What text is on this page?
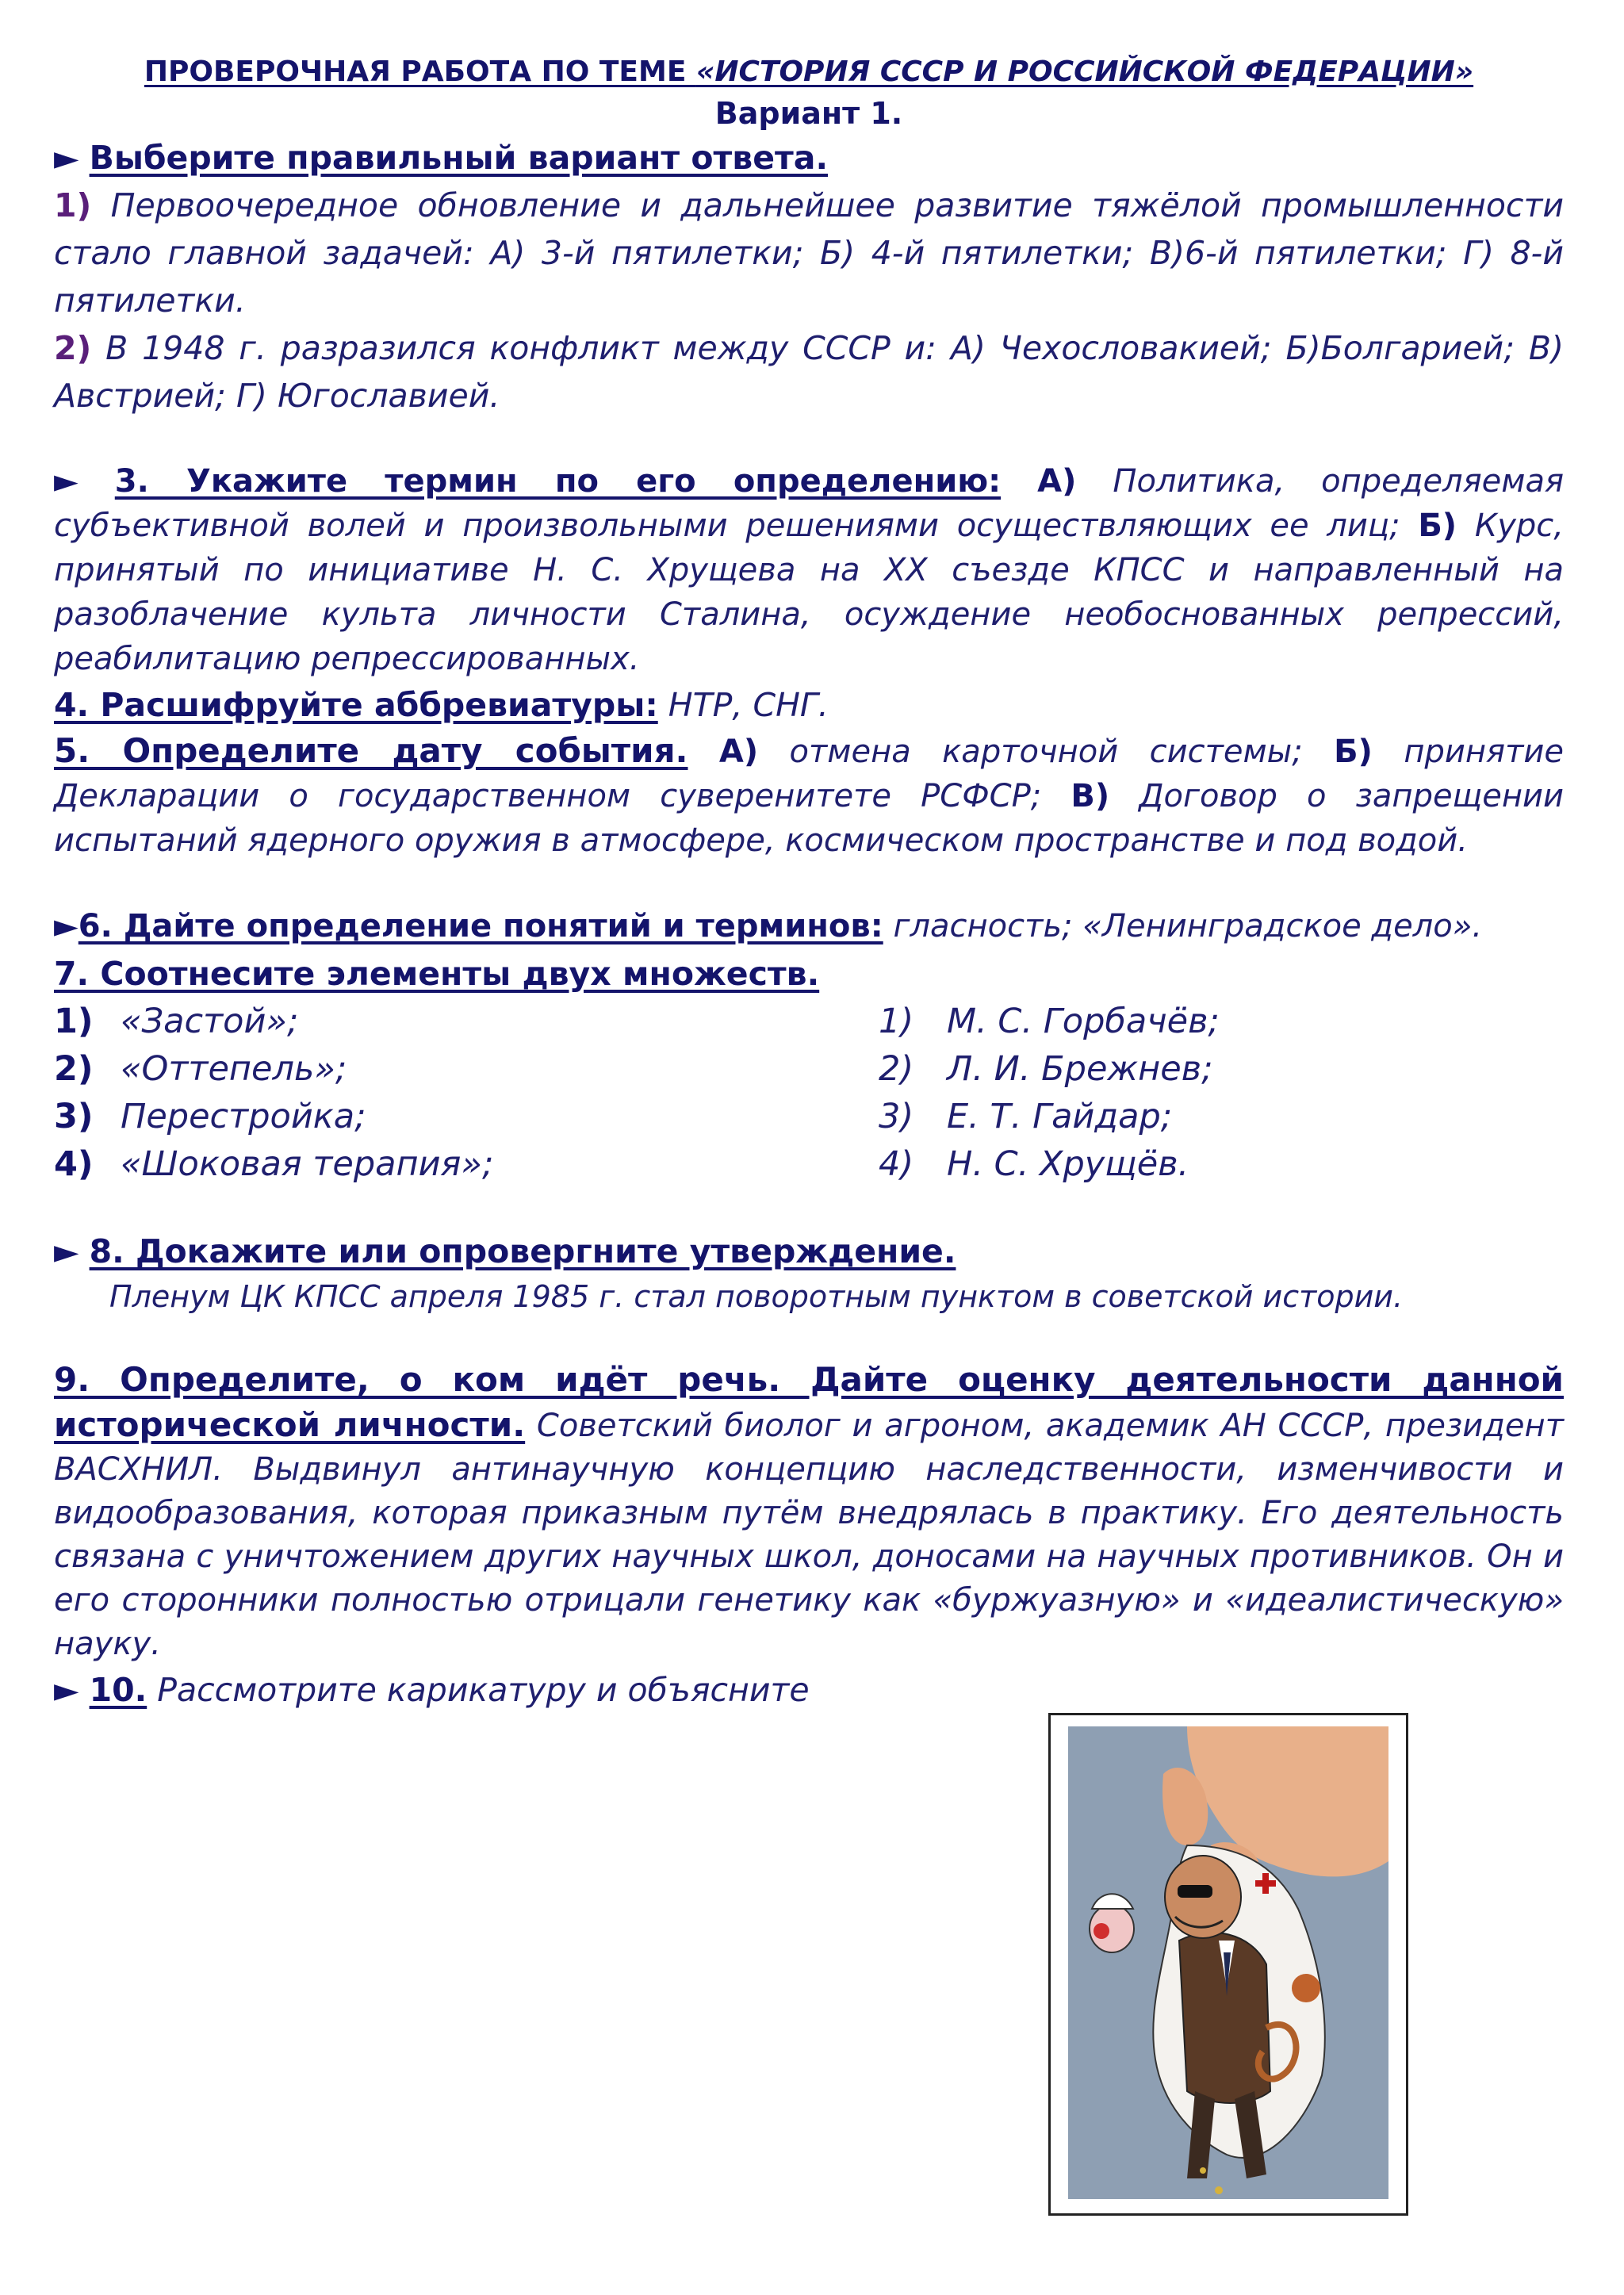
ПРОВЕРОЧНАЯ РАБОТА ПО ТЕМЕ «ИСТОРИЯ СССР И РОССИЙСКОЙ ФЕДЕРАЦИИ»
Вариант 1.
► Выберите правильный вариант ответа.
1) Первоочередное обновление и дальнейшее развитие тяжёлой промышленности стало главной задачей: А) 3-й пятилетки; Б) 4-й пятилетки; В)6-й пятилетки; Г) 8-й пятилетки.
2) В 1948 г. разразился конфликт между СССР и: А) Чехословакией; Б)Болгарией; В) Австрией; Г) Югославией.
► 3. Укажите термин по его определению: А) Политика, определяемая субъективной волей и произвольными решениями осуществляющих ее лиц; Б) Курс, принятый по инициативе Н. С. Хрущева на XX съезде КПСС и направленный на разоблачение культа личности Сталина, осуждение необоснованных репрессий, реабилитацию репрессированных.
4. Расшифруйте аббревиатуры: НТР, СНГ.
5. Определите дату события. А) отмена карточной системы; Б) принятие Декларации о государственном суверенитете РСФСР; В) Договор о запрещении испытаний ядерного оружия в атмосфере, космическом пространстве и под водой.
►6. Дайте определение понятий и терминов: гласность; «Ленинградское дело».
7. Соотнесите элементы двух множеств.
1) «Застой»;
2) «Оттепель»;
3) Перестройка;
4) «Шоковая терапия»;
1) М. С. Горбачёв;
2) Л. И. Брежнев;
3) Е. Т. Гайдар;
4) Н. С. Хрущёв.
► 8. Докажите или опровергните утверждение.
Пленум ЦК КПСС апреля 1985 г. стал поворотным пунктом в советской истории.
9. Определите, о ком идёт речь. Дайте оценку деятельности данной исторической личности. Советский биолог и агроном, академик АН СССР, президент ВАСХНИЛ. Выдвинул антинаучную концепцию наследственности, изменчивости и видообразования, которая приказным путём внедрялась в практику. Его деятельность связана с уничтожением других научных школ, доносами на научных противников. Он и его сторонники полностью отрицали генетику как «буржуазную» и «идеалистическую» науку.
► 10. Рассмотрите карикатуру и объясните
